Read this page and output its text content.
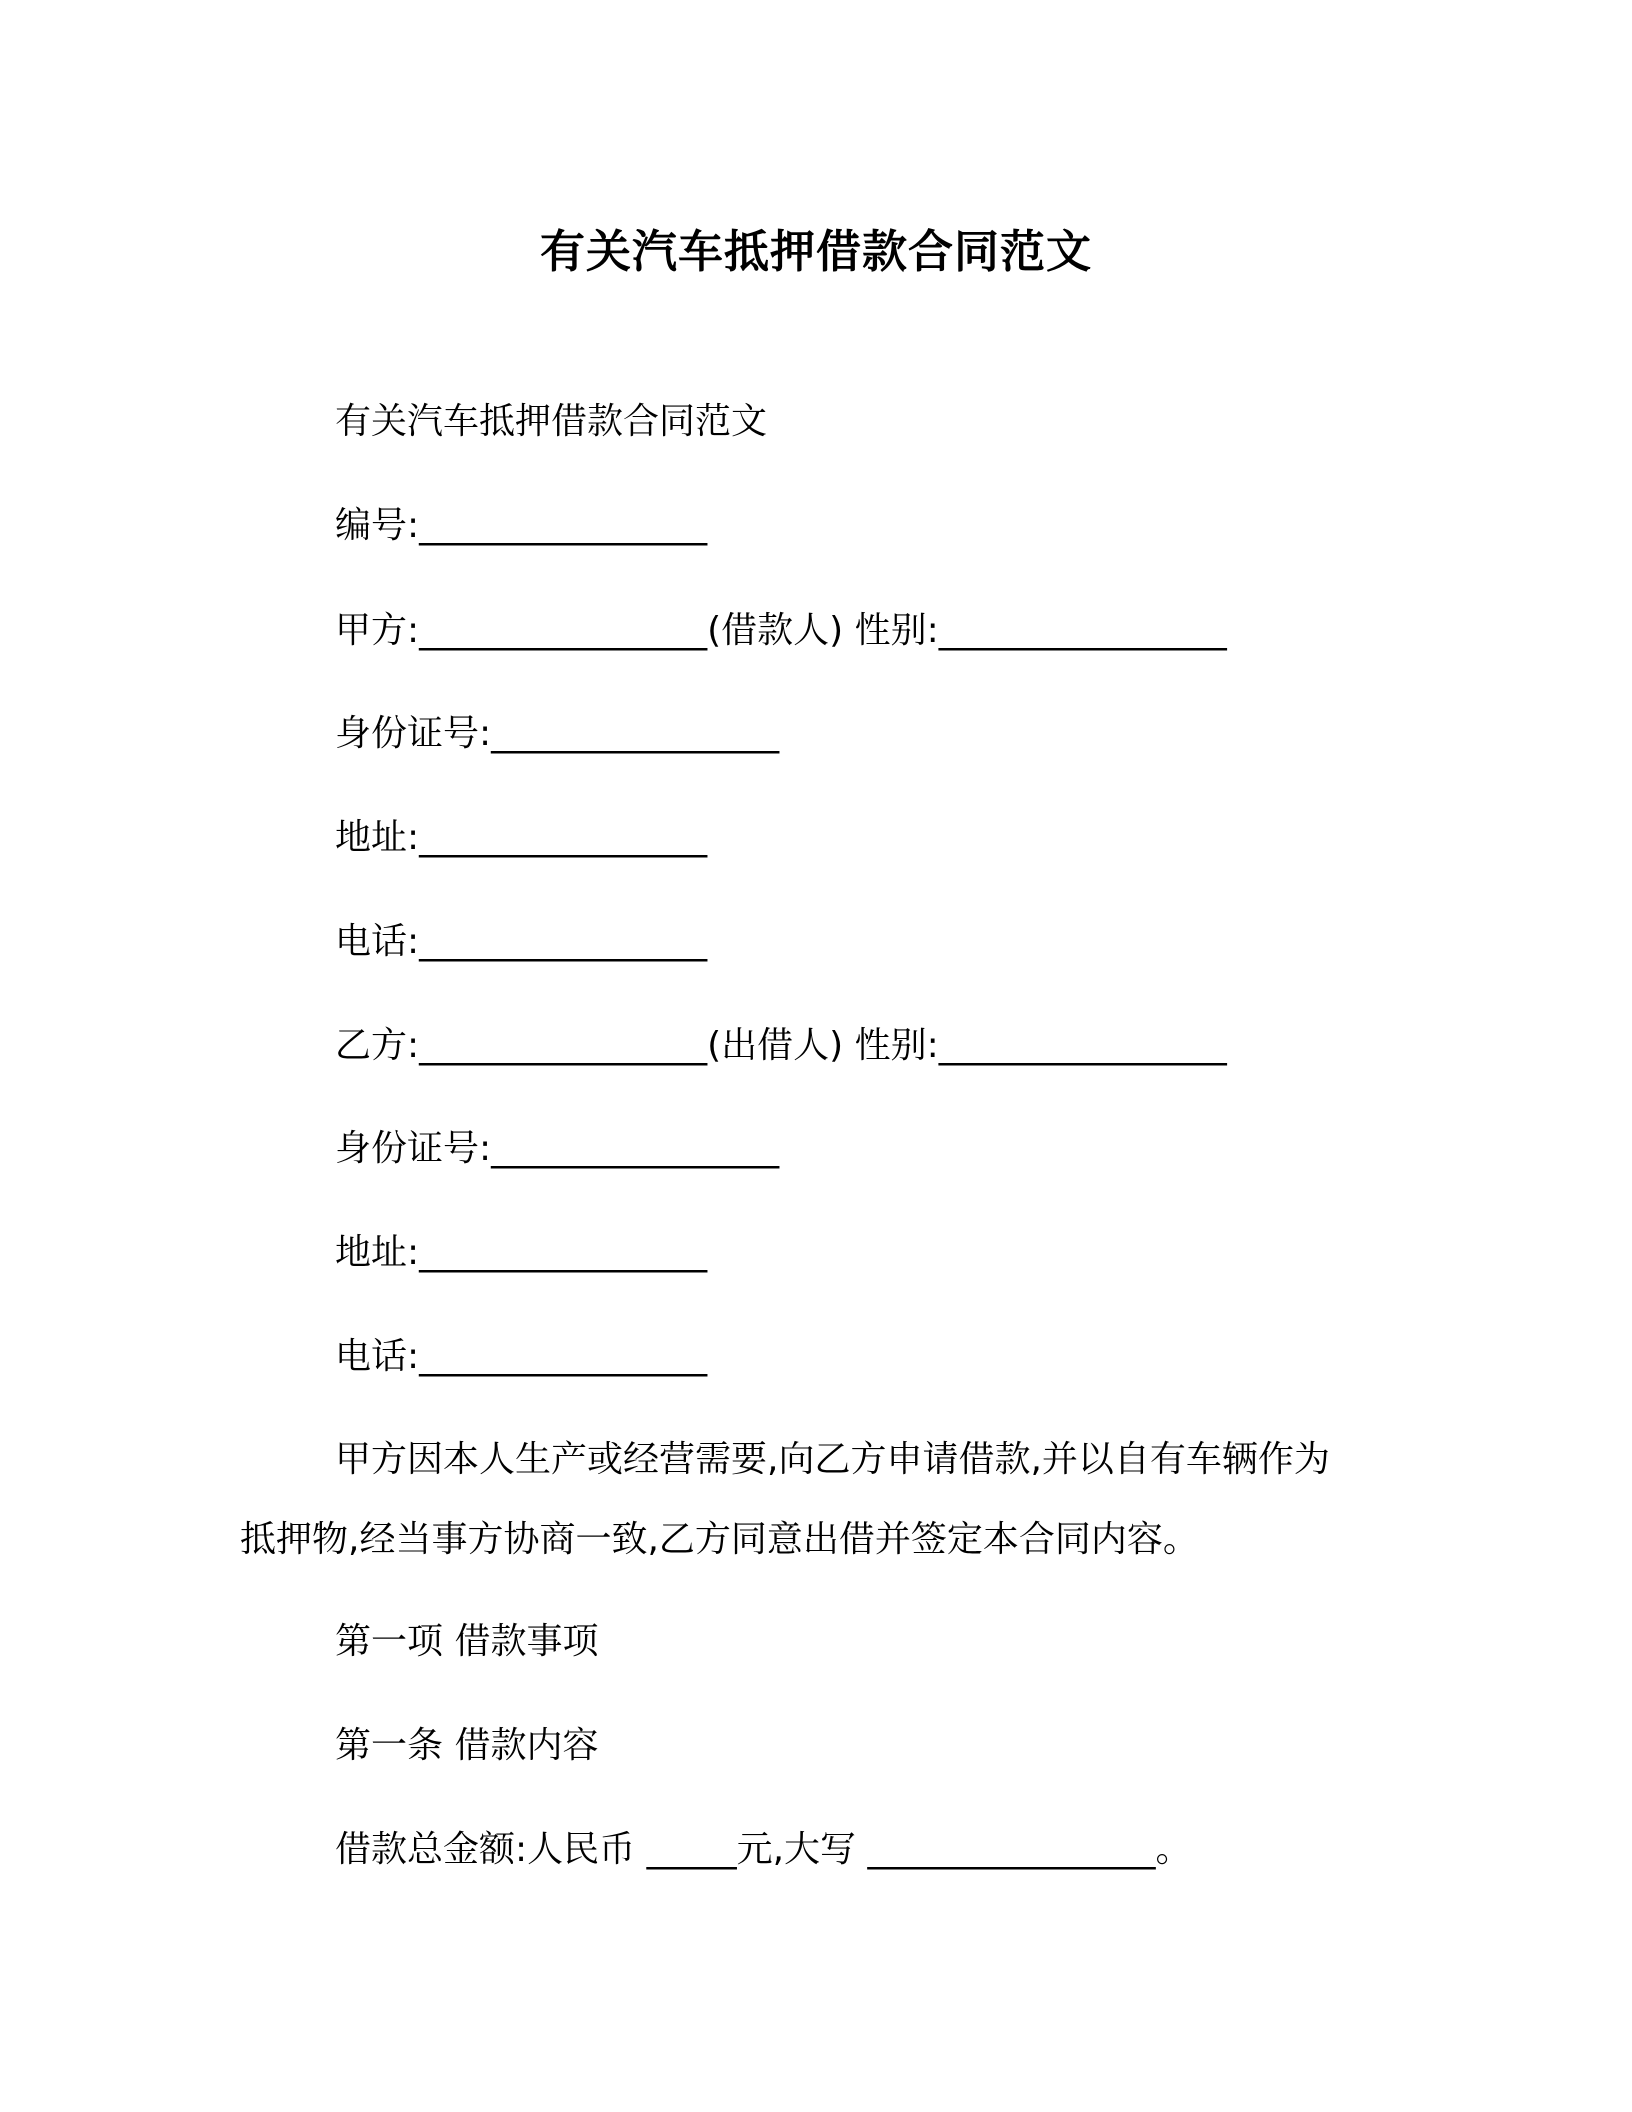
有关汽车抵押借款合同范文
有关汽车抵押借款合同范文
编号:________________
甲方:________________(借款人) 性别:________________
身份证号:________________
地址:________________
电话:________________
乙方:________________(出借人) 性别:________________
身份证号:________________
地址:________________
电话:________________
甲方因本人生产或经营需要,向乙方申请借款,并以自有车辆作为
抵押物,经当事方协商一致,乙方同意出借并签定本合同内容。
第一项 借款事项
第一条 借款内容
借款总金额:人民币 _____元,大写 ________________。
